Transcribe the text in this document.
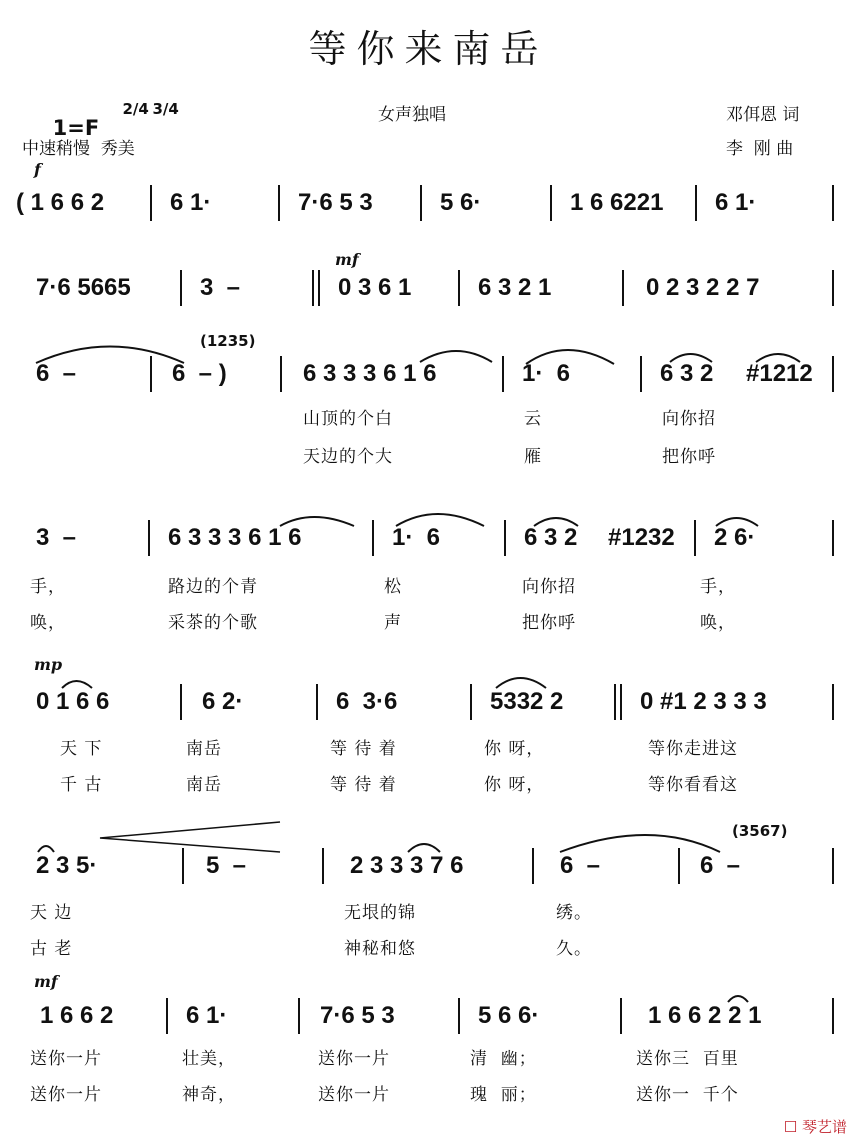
等你来南岳

1=F

2/4 3/4

中速稍慢  秀美
女声独唱	邓佴恩 词
李  刚 曲
f
( 1 6 6 2	6 1·	7·6 5 3	5 6·	1 6 6221 6 1·
mf
7·6 5665	3  –	0 3 6 1	6 3 2 1	0 2 3 2 2 7
(1235)
6  –	6  – )	6 3 3 3 6 1 6	1·  6	6 3 2 #1212
山顶的个白	云	向你招
天边的个大	雁	把你呼
3  –	6 3 3 3 6 1 6	1·  6	6 3 2 #1232 2 6·
手，	路边的个青	松	向你招	手，
唤，	采茶的个歌	声	把你呼	唤，
mp
0 1 6 6	6 2·	6  3·6	5332 2	0 #1 2 3 3 3
天 下	南岳	等 待 着	你 呀，	等你走进这
千 古	南岳	等 待 着	你 呀，	等你看看这
(3567)
2 3 5·	5  –	2 3 3 3 7 6	6  –	6  –
天 边	无垠的锦	绣。
古 老	神秘和悠	久。
mf
1 6 6 2	6 1·	7·6 5 3	5 6 6·	1 6 6 2 2 1
送你一片	壮美，	送你一片	清  幽；	送你三  百里
送你一片	神奇，	送你一片	瑰  丽；	送你一  千个
☐ 琴艺谱
